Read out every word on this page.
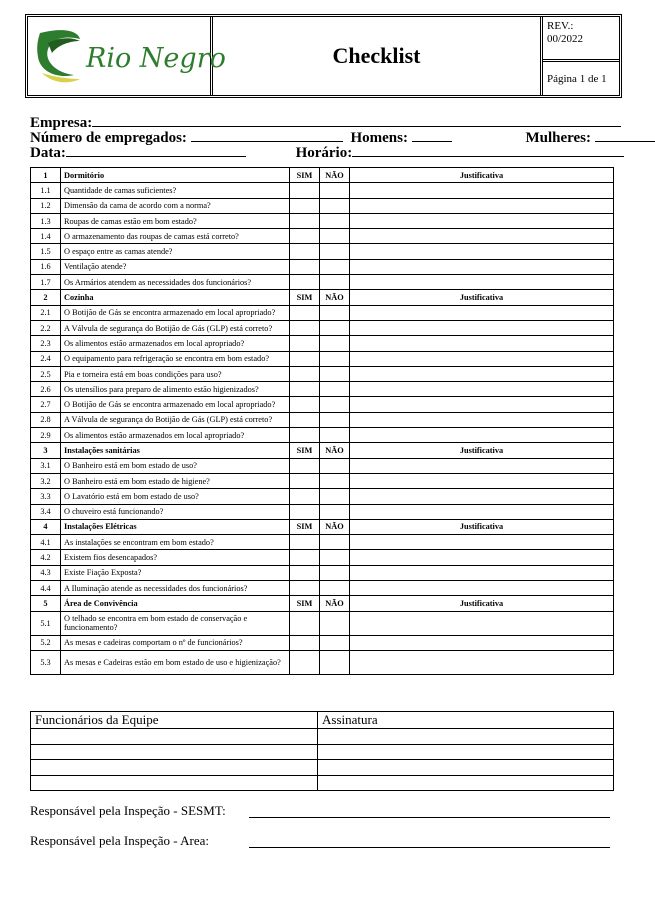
Rio Negro	Checklist
REV.:
00/2022
Página 1 de 1
Empresa:
Número de empregados:	Homens:	Mulheres:
Data:	Horário:
1	Dormitório	SIM	NÃO	Justificativa
1.1	Quantidade de camas suficientes?			
1.2	Dimensão da cama de acordo com a norma?			
1.3	Roupas de camas estão em bom estado?			
1.4	O armazenamento das roupas de camas está correto?			
1.5	O espaço entre as camas atende?			
1.6	Ventilação atende?			
1.7	Os Armários atendem as necessidades dos funcionários?			
2	Cozinha	SIM	NÃO	Justificativa
2.1	O Botijão de Gás se encontra armazenado em local apropriado?			
2.2	A Válvula de segurança do Botijão de Gás (GLP) está correto?			
2.3	Os alimentos estão armazenados em local apropriado?			
2.4	O equipamento para refrigeração se encontra em bom estado?			
2.5	Pia e torneira está em boas condições para uso?			
2.6	Os utensílios para preparo de alimento estão higienizados?			
2.7	O Botijão de Gás se encontra armazenado em local apropriado?			
2.8	A Válvula de segurança do Botijão de Gás (GLP) está correto?			
2.9	Os alimentos estão armazenados em local apropriado?			
3	Instalações sanitárias	SIM	NÃO	Justificativa
3.1	O Banheiro está em bom estado de uso?			
3.2	O Banheiro está em bom estado de higiene?			
3.3	O Lavatório está em bom estado de uso?			
3.4	O chuveiro está funcionando?			
4	Instalações Elétricas	SIM	NÃO	Justificativa
4.1	As instalações se encontram em bom estado?			
4.2	Existem fios desencapados?			
4.3	Existe Fiação Exposta?			
4.4	A Iluminação atende as necessidades dos funcionários?			
5	Área de Convivência	SIM	NÃO	Justificativa
5.1	O telhado se encontra em bom estado de conservação e funcionamento?			
5.2	As mesas e cadeiras comportam o nº de funcionários?			
5.3	As mesas e Cadeiras estão em bom estado de uso e higienização?			
Funcionários da Equipe	Assinatura

Responsável pela Inspeção - SESMT:
Responsável pela Inspeção - Area:
